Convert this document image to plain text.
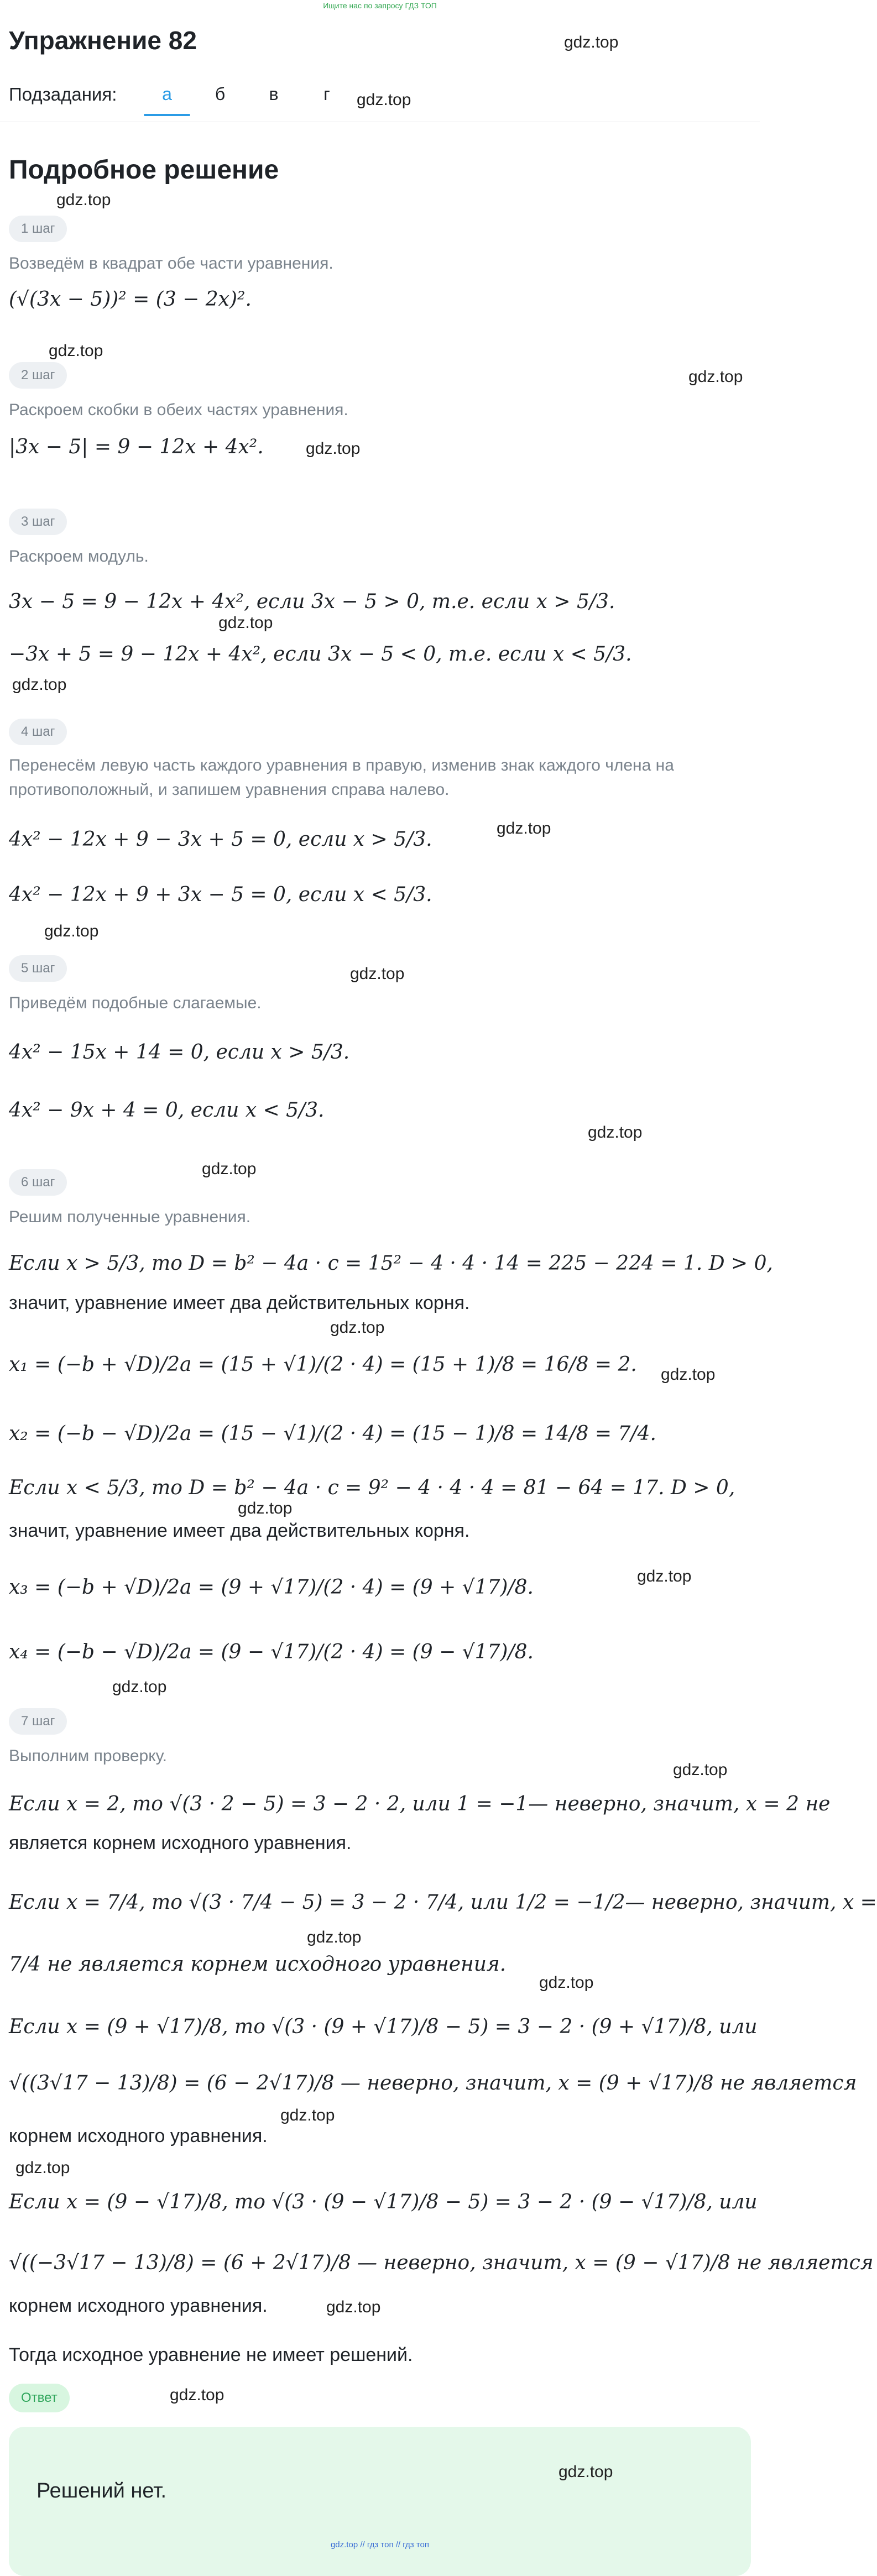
Ищите нас по запросу ГДЗ ТОП
Упражнение 82	gdz.top
Подзадания:	а	б	в	г	gdz.top
Подробное решение
gdz.top
1 шаг
Возведём в квадрат обе части уравнения.
(√(3x − 5))² = (3 − 2x)².
gdz.top
2 шаг	gdz.top
Раскроем скобки в обеих частях уравнения.
|3x − 5| = 9 − 12x + 4x².	gdz.top
3 шаг
Раскроем модуль.
3x − 5 = 9 − 12x + 4x², если 3x − 5 > 0, т.е. если x > 5/3.
gdz.top
−3x + 5 = 9 − 12x + 4x², если 3x − 5 < 0, т.е. если x < 5/3.
gdz.top
4 шаг
Перенесём левую часть каждого уравнения в правую, изменив знак каждого члена на противоположный, и запишем уравнения справа налево.
4x² − 12x + 9 − 3x + 5 = 0, если x > 5/3.	gdz.top
4x² − 12x + 9 + 3x − 5 = 0, если x < 5/3.
gdz.top
5 шаг	gdz.top
Приведём подобные слагаемые.
4x² − 15x + 14 = 0, если x > 5/3.
4x² − 9x + 4 = 0, если x < 5/3.
gdz.top
gdz.top
6 шаг
Решим полученные уравнения.
Если x > 5/3, то D = b² − 4a · c = 15² − 4 · 4 · 14 = 225 − 224 = 1. D > 0,
gdz.top
значит, уравнение имеет два действительных корня.
x₁ = (−b + √D)/2a = (15 + √1)/(2 · 4) = (15 + 1)/8 = 16/8 = 2. gdz.top
x₂ = (−b − √D)/2a = (15 − √1)/(2 · 4) = (15 − 1)/8 = 14/8 = 7/4.
Если x < 5/3, то D = b² − 4a · c = 9² − 4 · 4 · 4 = 81 − 64 = 17. D > 0,
gdz.top
значит, уравнение имеет два действительных корня.
gdz.top
x₃ = (−b + √D)/2a = (9 + √17)/(2 · 4) = (9 + √17)/8.
x₄ = (−b − √D)/2a = (9 − √17)/(2 · 4) = (9 − √17)/8.
gdz.top
7 шаг
Выполним проверку.
gdz.top
Если x = 2, то √(3 · 2 − 5) = 3 − 2 · 2, или 1 = −1— неверно, значит, x = 2 не
является корнем исходного уравнения.
Если x = 7/4, то √(3 · 7/4 − 5) = 3 − 2 · 7/4, или 1/2 = −1/2— неверно, значит, x =
gdz.top
7/4 не является корнем исходного уравнения.
gdz.top
Если x = (9 + √17)/8, то √(3 · (9 + √17)/8 − 5) = 3 − 2 · (9 + √17)/8, или
√((3√17 − 13)/8) = (6 − 2√17)/8 — неверно, значит, x = (9 + √17)/8 не является
gdz.top
корнем исходного уравнения.
gdz.top
Если x = (9 − √17)/8, то √(3 · (9 − √17)/8 − 5) = 3 − 2 · (9 − √17)/8, или
√((−3√17 − 13)/8) = (6 + 2√17)/8 — неверно, значит, x = (9 − √17)/8 не является
корнем исходного уравнения.	gdz.top
Тогда исходное уравнение не имеет решений.
gdz.top
Ответ
Решений нет.
gdz.top
gdz.top // гдз топ // гдз топ
